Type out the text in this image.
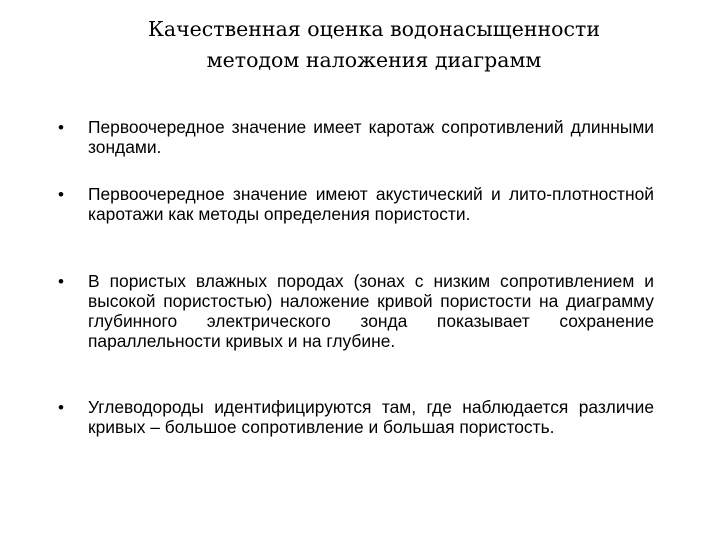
Качественная оценка водонасыщенности
методом наложения диаграмм
• Первоочередное значение имеет каротаж сопротивлений длинными зондами.
• Первоочередное значение имеют акустический и лито-плотностной каротажи как методы определения пористости.
• В пористых влажных породах (зонах с низким сопротивлением и высокой пористостью) наложение кривой пористости на диаграмму глубинного электрического зонда показывает сохранение параллельности кривых и на глубине.
• Углеводороды идентифицируются там, где наблюдается различие кривых – большое сопротивление и большая пористость.
